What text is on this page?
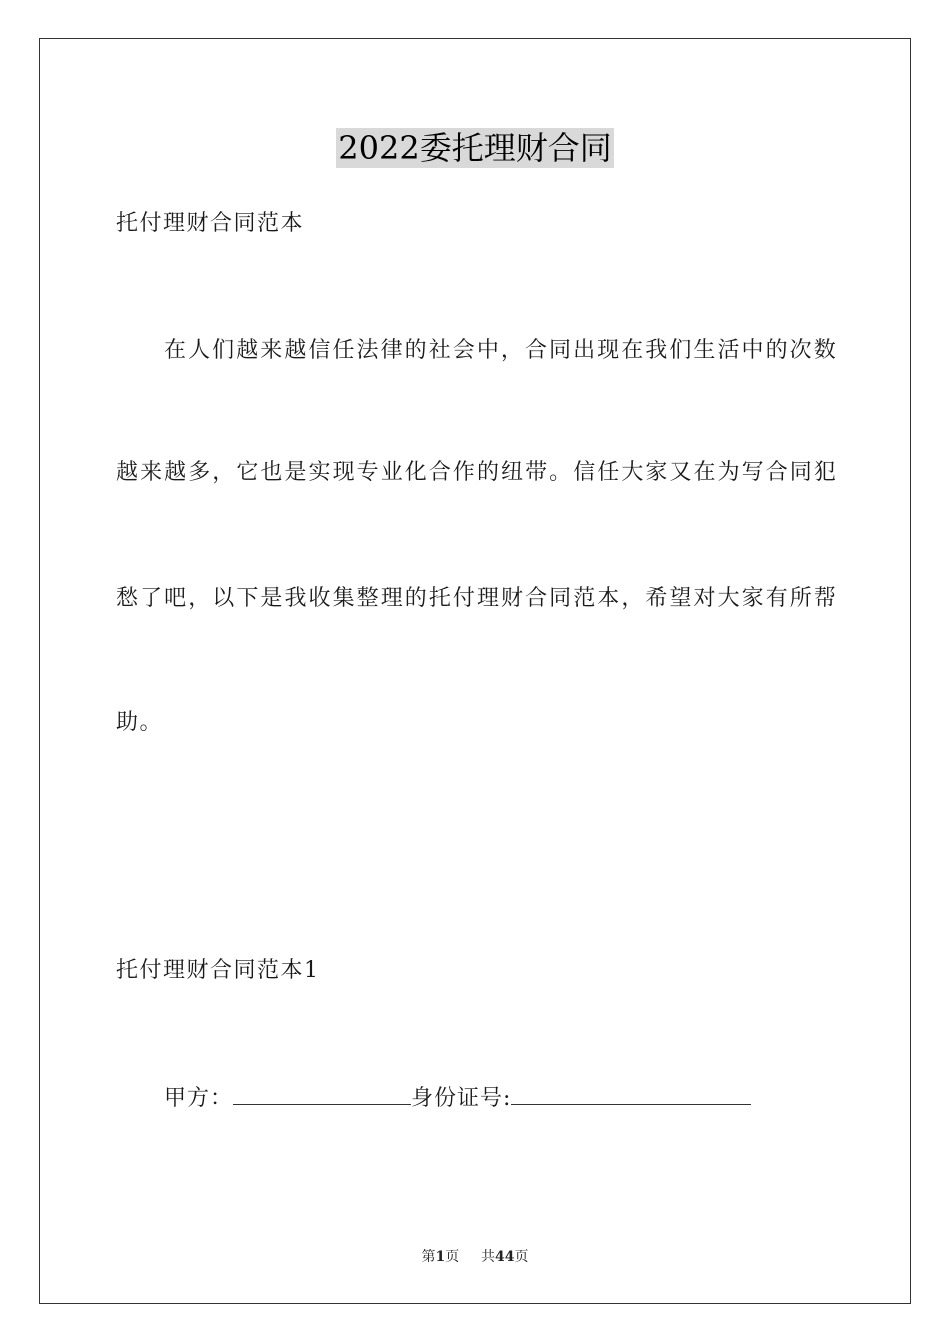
2022委托理财合同
托付理财合同范本
在 人 们 越 来 越 信 任 法 律 的 社 会 中 ， 合 同 出 现 在 我 们 生 活 中 的 次 数
越 来 越 多 ， 它 也 是 实 现 专 业 化 合 作 的 纽 带 。 信 任 大 家 又 在 为 写 合 同 犯
愁 了 吧 ， 以 下 是 我 收 集 整 理 的 托 付 理 财 合 同 范 本 ， 希 望 对 大 家 有 所 帮
助。
托付理财合同范本1
甲方：	身份证号:
第1页 共44页
